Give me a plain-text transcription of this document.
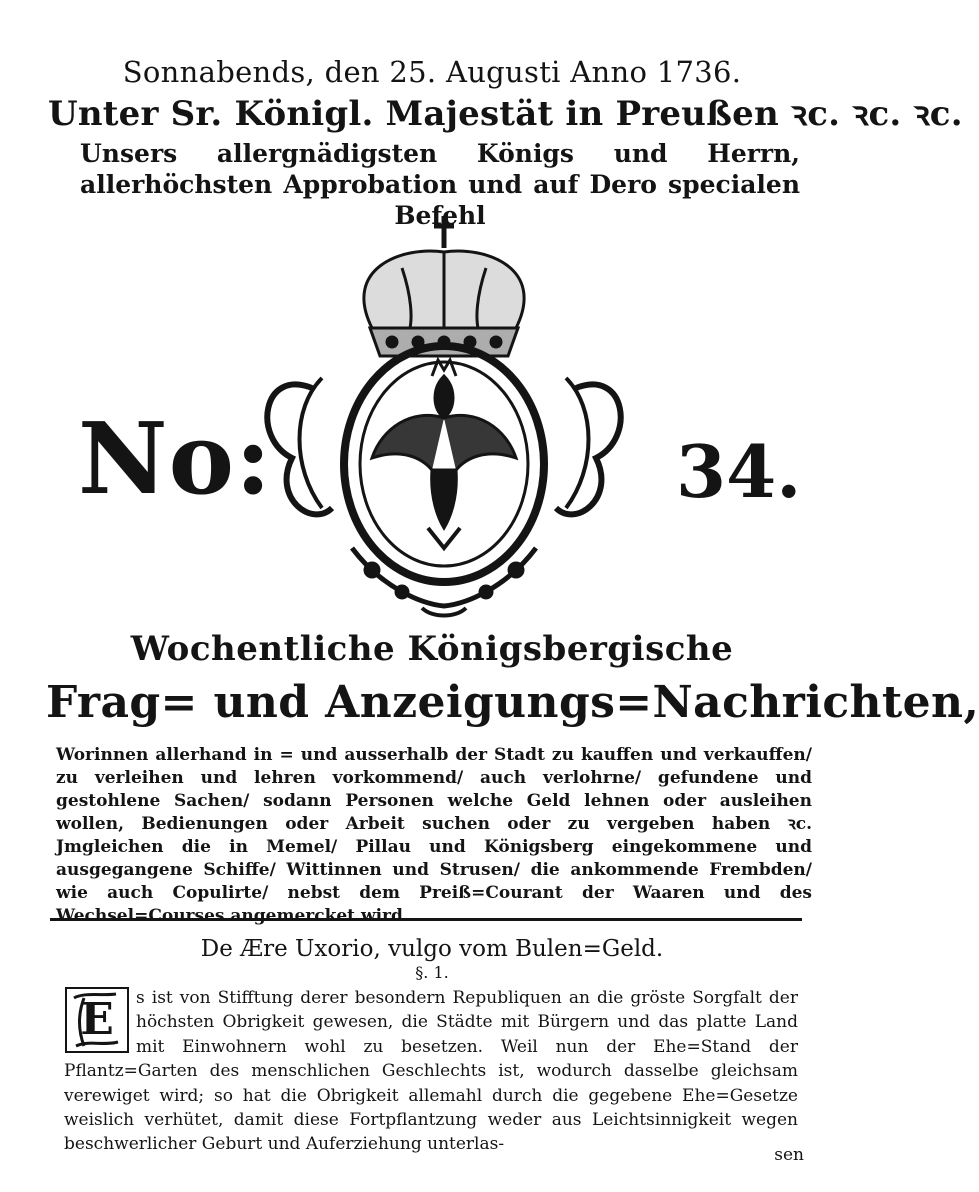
Sonnabends, den 25. Augusti Anno 1736.
Unter Sr. Königl. Majestät in Preußen ꝛc. ꝛc. ꝛc.
Unsers allergnädigsten Königs und Herrn, allerhöchsten Approbation und auf Dero specialen Befehl
No:	34.
Wochentliche Königsbergische
Frag= und Anzeigungs=Nachrichten,
Worinnen allerhand in = und ausserhalb der Stadt zu kauffen und verkauffen/ zu verleihen und lehren vorkommend/ auch verlohrne/ gefundene und gestohlene Sachen/ sodann Personen welche Geld lehnen oder ausleihen wollen, Bedienungen oder Arbeit suchen oder zu vergeben haben ꝛc. Jmgleichen die in Memel/ Pillau und Königsberg eingekommene und ausgegangene Schiffe/ Wittinnen und Strusen/ die ankommende Frembden/ wie auch Copulirte/ nebst dem Preiß=Courant der Waaren und des Wechsel=Courses angemercket wird.
De Ære Uxorio, vulgo vom Bulen=Geld.
§. 1.
E s ist von Stifftung derer besondern Republiquen an die gröste Sorgfalt der höchsten Obrigkeit gewesen, die Städte mit Bürgern und das platte Land mit Einwohnern wohl zu besetzen. Weil nun der Ehe=Stand der Pflantz=Garten des menschlichen Geschlechts ist, wodurch dasselbe gleichsam verewiget wird; so hat die Obrigkeit allemahl durch die gegebene Ehe=Gesetze weislich verhütet, damit diese Fortpflantzung weder aus Leichtsinnigkeit wegen beschwerlicher Geburt und Auferziehung unterlas-
sen
